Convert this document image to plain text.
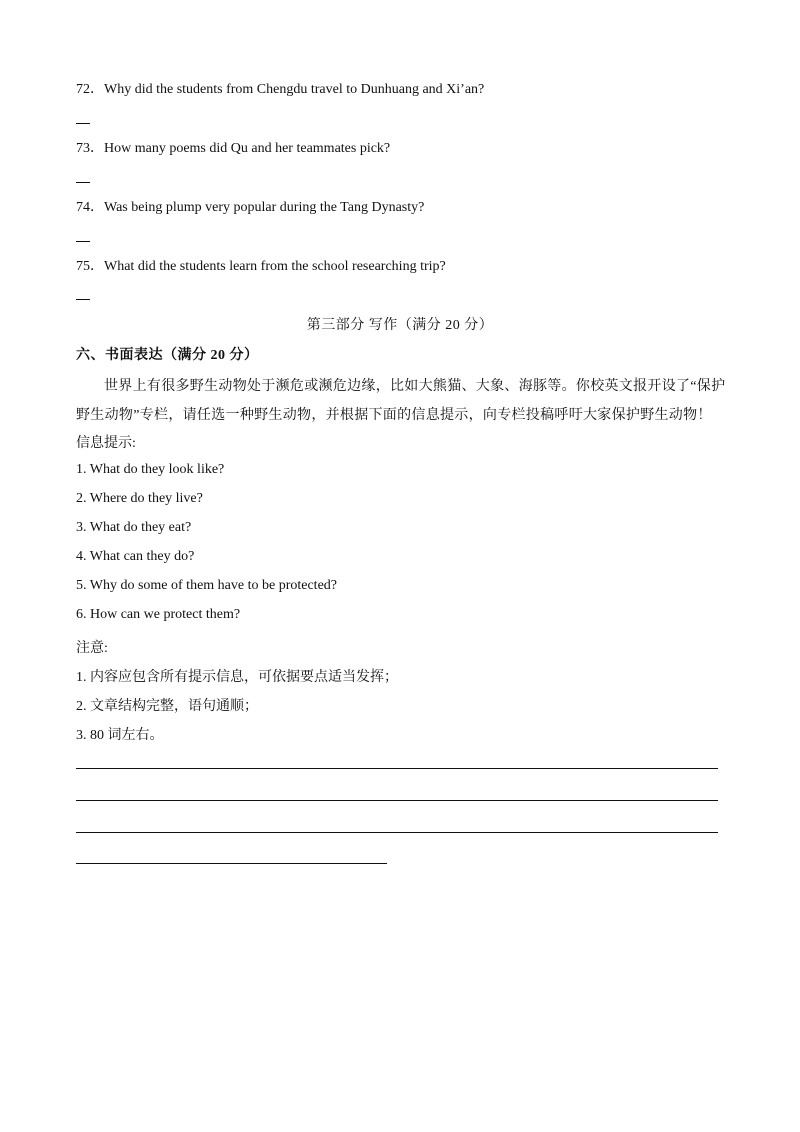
72．Why did the students from Chengdu travel to Dunhuang and Xi’an?
73．How many poems did Qu and her teammates pick?
74．Was being plump very popular during the Tang Dynasty?
75．What did the students learn from the school researching trip?
第三部分 写作（满分 20 分）
六、书面表达（满分 20 分）
世界上有很多野生动物处于濒危或濒危边缘，比如大熊猫、大象、海豚等。你校英文报开设了“保护野生动物”专栏，请任选一种野生动物，并根据下面的信息提示，向专栏投稿呼吁大家保护野生动物！
信息提示:
1. What do they look like?
2. Where do they live?
3. What do they eat?
4. What can they do?
5. Why do some of them have to be protected?
6. How can we protect them?
注意:
1. 内容应包含所有提示信息，可依据要点适当发挥；
2. 文章结构完整，语句通顺；
3. 80 词左右。
